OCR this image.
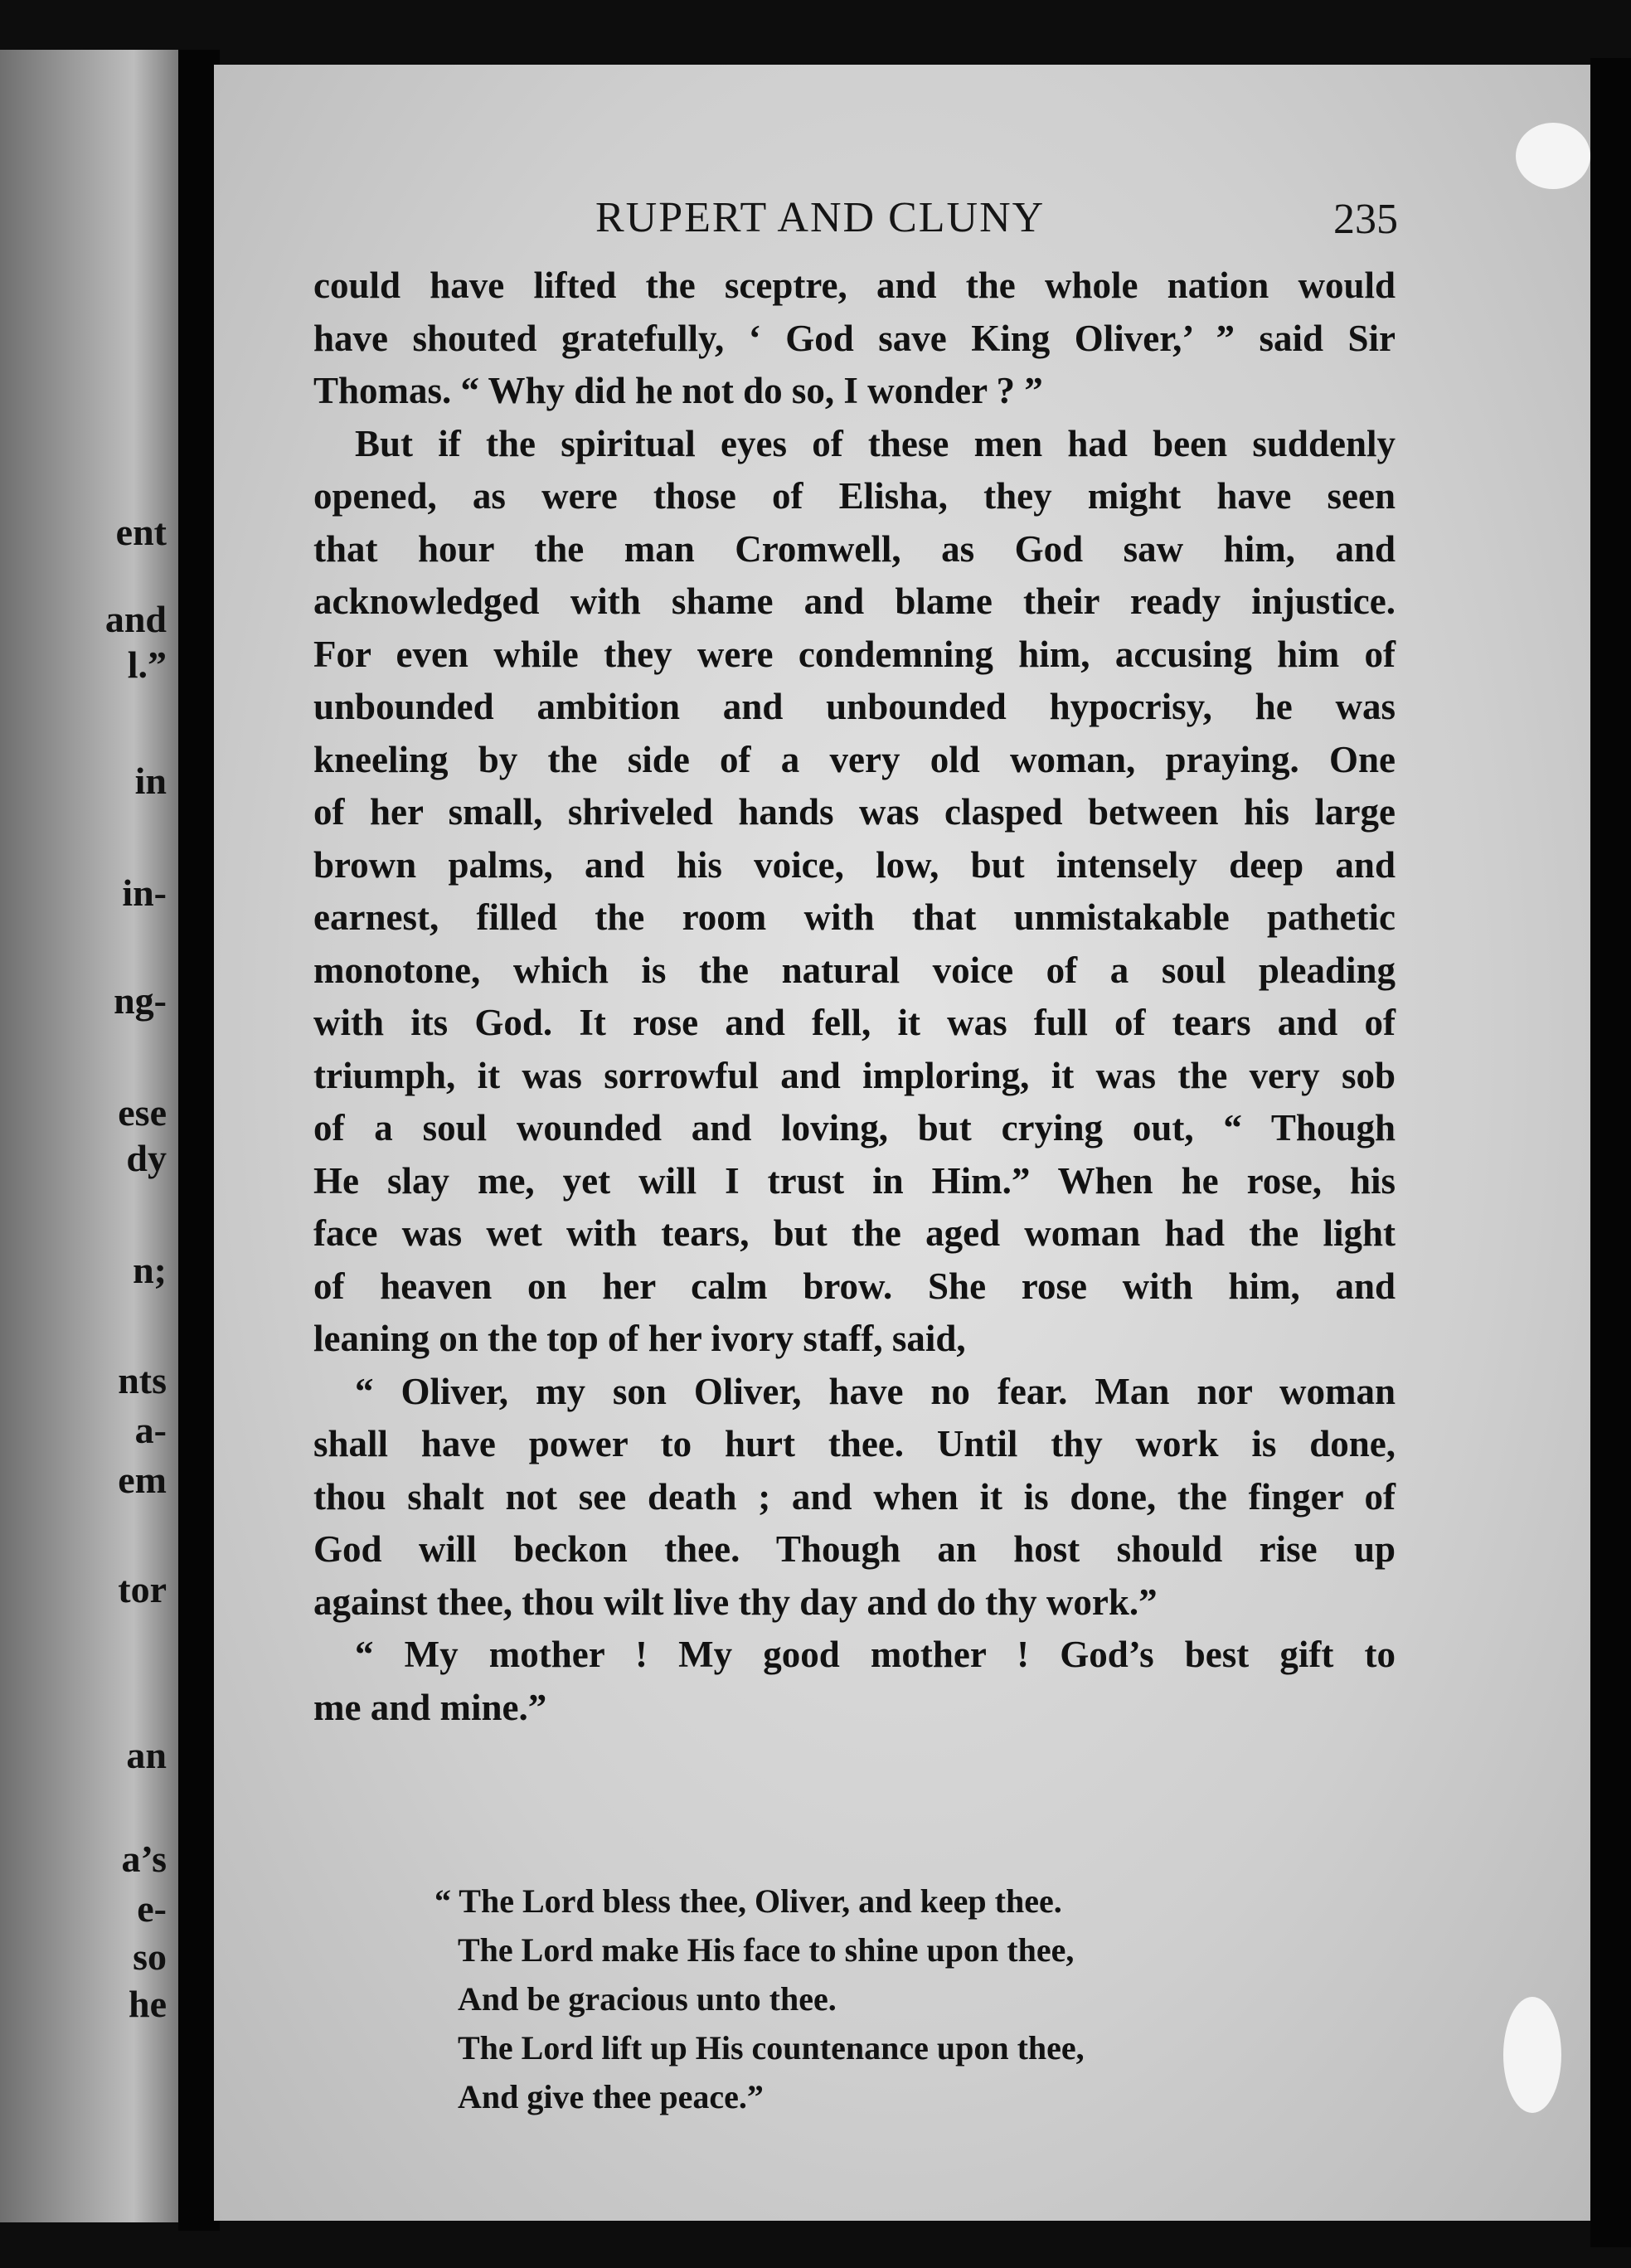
ent
and
l.”
in
in-
ng-
ese
dy
n;
nts
a-
em
tor
an
a’s
e-
so
he
RUPERT AND CLUNY	235
could have lifted the sceptre, and the whole nation would
have shouted gratefully, ‘ God save King Oliver,’ ” said Sir
Thomas. “ Why did he not do so, I wonder ? ”
But if the spiritual eyes of these men had been suddenly
opened, as were those of Elisha, they might have seen
that hour the man Cromwell, as God saw him, and
acknowledged with shame and blame their ready injustice.
For even while they were condemning him, accusing him of
unbounded ambition and unbounded hypocrisy, he was
kneeling by the side of a very old woman, praying. One
of her small, shriveled hands was clasped between his large
brown palms, and his voice, low, but intensely deep and
earnest, filled the room with that unmistakable pathetic
monotone, which is the natural voice of a soul pleading
with its God. It rose and fell, it was full of tears and of
triumph, it was sorrowful and imploring, it was the very sob
of a soul wounded and loving, but crying out, “ Though
He slay me, yet will I trust in Him.” When he rose, his
face was wet with tears, but the aged woman had the light
of heaven on her calm brow. She rose with him, and
leaning on the top of her ivory staff, said,
“ Oliver, my son Oliver, have no fear. Man nor woman
shall have power to hurt thee. Until thy work is done,
thou shalt not see death ; and when it is done, the finger of
God will beckon thee. Though an host should rise up
against thee, thou wilt live thy day and do thy work.”
“ My mother ! My good mother ! God’s best gift to
me and mine.”
“ The Lord bless thee, Oliver, and keep thee.
The Lord make His face to shine upon thee,
And be gracious unto thee.
The Lord lift up His countenance upon thee,
And give thee peace.”
